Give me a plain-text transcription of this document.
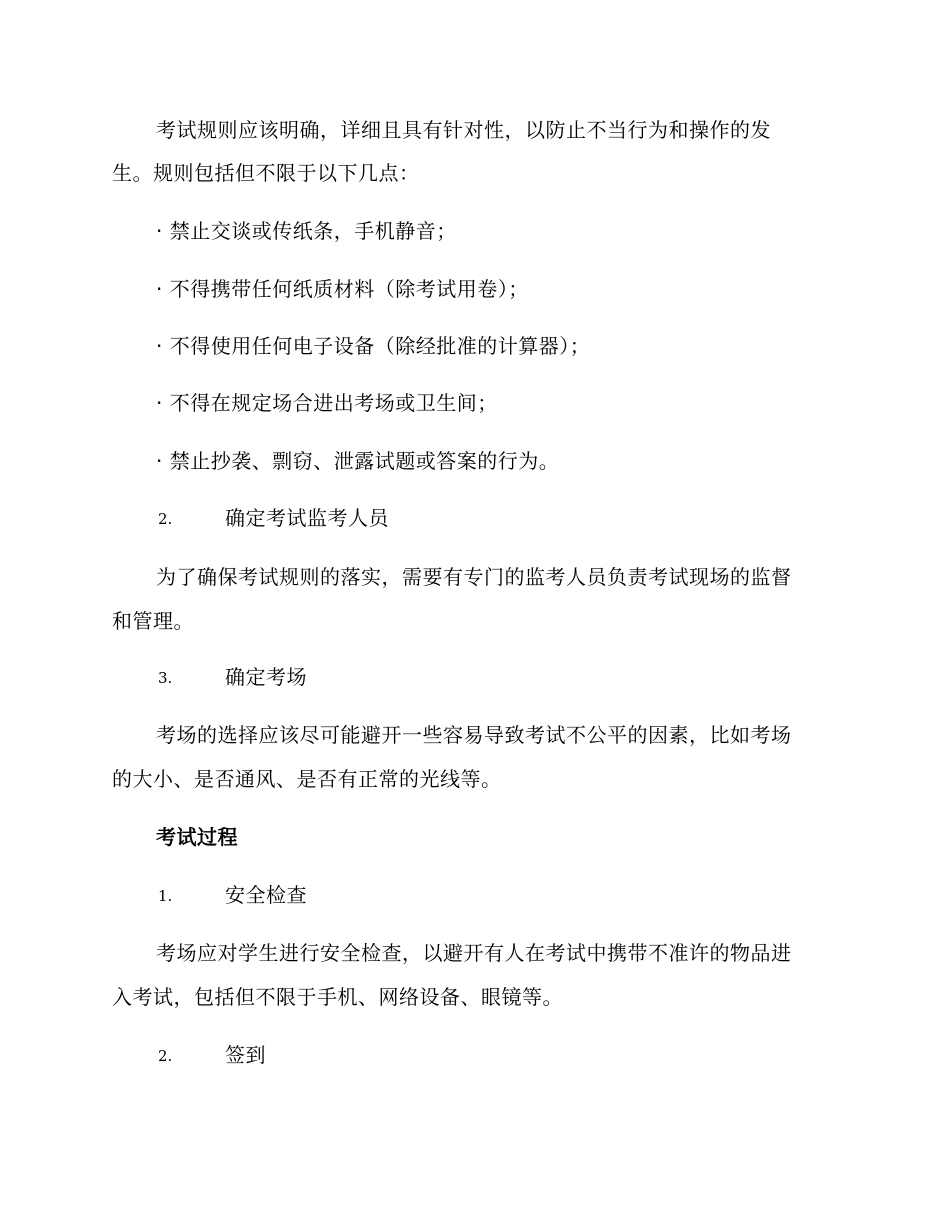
考试规则应该明确，详细且具有针对性，以防止不当行为和操作的发
生。规则包括但不限于以下几点：
· 禁止交谈或传纸条，手机静音；
· 不得携带任何纸质材料（除考试用卷）；
· 不得使用任何电子设备（除经批准的计算器）；
· 不得在规定场合进出考场或卫生间；
· 禁止抄袭、剽窃、泄露试题或答案的行为。
2.	确定考试监考人员
为了确保考试规则的落实，需要有专门的监考人员负责考试现场的监督
和管理。
3.	确定考场
考场的选择应该尽可能避开一些容易导致考试不公平的因素，比如考场
的大小、是否通风、是否有正常的光线等。
考试过程
1.	安全检查
考场应对学生进行安全检查，以避开有人在考试中携带不准许的物品进
入考试，包括但不限于手机、网络设备、眼镜等。
2.	签到
